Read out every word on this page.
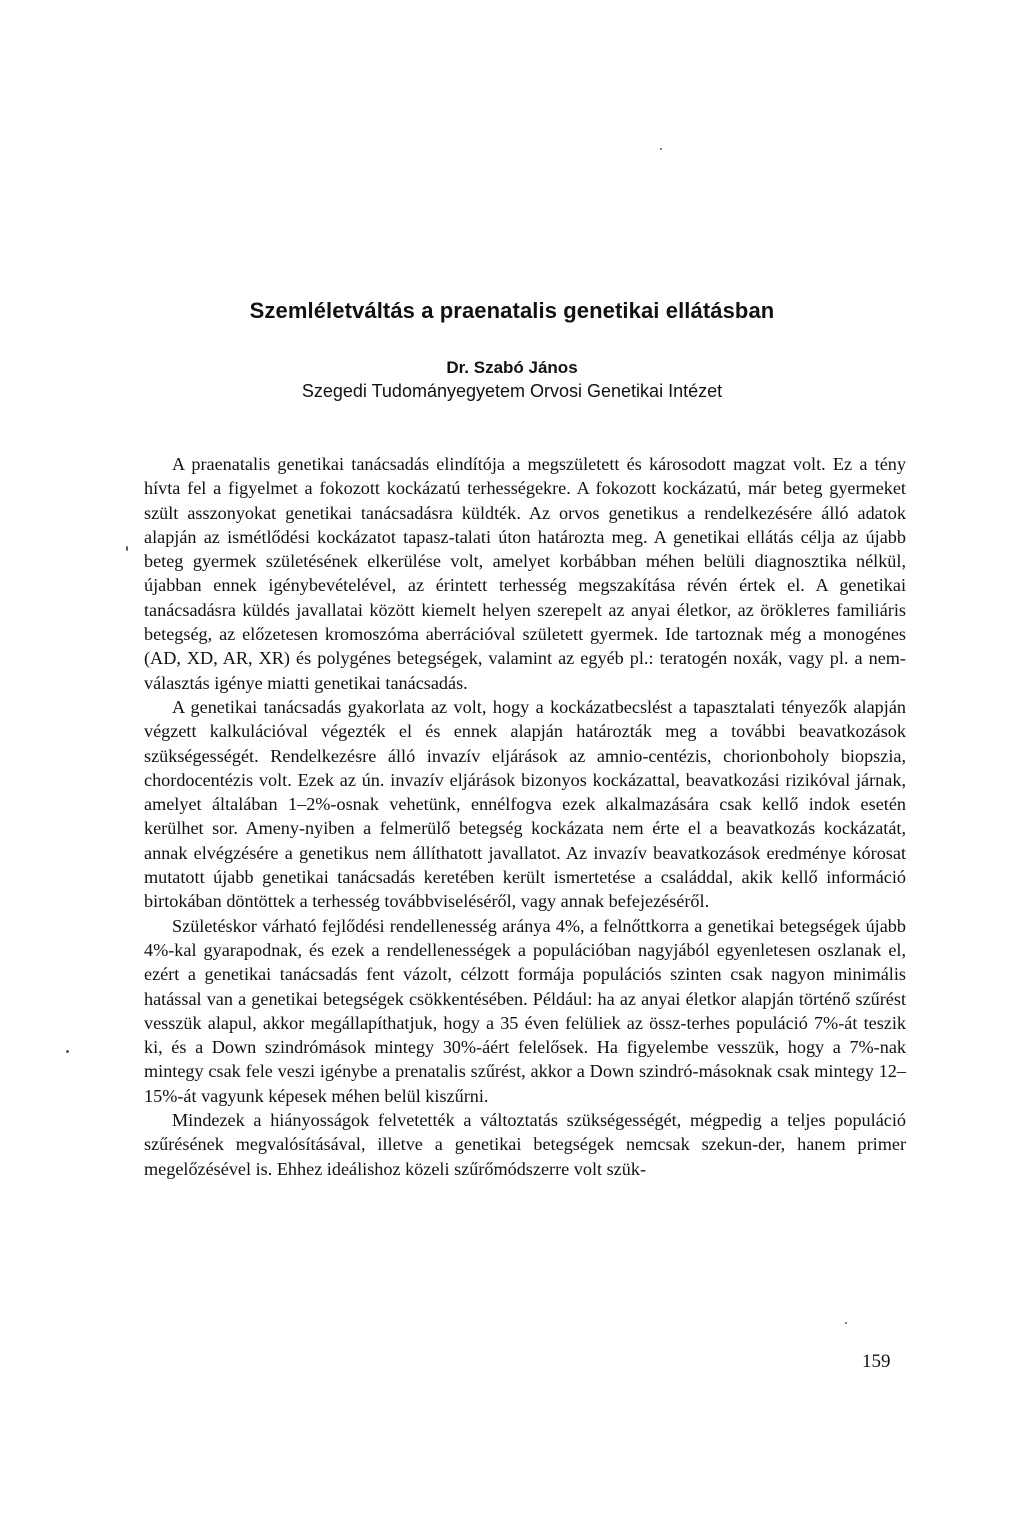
Szemléletváltás a praenatalis genetikai ellátásban
Dr. Szabó János
Szegedi Tudományegyetem Orvosi Genetikai Intézet

A praenatalis genetikai tanácsadás elindítója a megszületett és károsodott magzat volt. Ez a tény hívta fel a figyelmet a fokozott kockázatú terhességekre. A fokozott kockázatú, már beteg gyermeket szült asszonyokat genetikai tanácsadásra küldték. Az orvos genetikus a rendelkezésére álló adatok alapján az ismétlődési kockázatot tapasz-talati úton határozta meg. A genetikai ellátás célja az újabb beteg gyermek születésének elkerülése volt, amelyet korbábban méhen belüli diagnosztika nélkül, újabban ennek igénybevételével, az érintett terhesség megszakítása révén értek el. A genetikai tanácsadásra küldés javallatai között kiemelt helyen szerepelt az anyai életkor, az öröklетes familiáris betegség, az előzetesen kromoszóma aberrációval született gyermek. Ide tartoznak még a monogénes (AD, XD, AR, XR) és polygénes betegségek, valamint az egyéb pl.: teratogén noxák, vagy pl. a nem-választás igénye miatti genetikai tanácsadás.

A genetikai tanácsadás gyakorlata az volt, hogy a kockázatbecslést a tapasztalati tényezők alapján végzett kalkulációval végezték el és ennek alapján határozták meg a további beavatkozások szükségességét. Rendelkezésre álló invazív eljárások az amnio-centézis, chorionboholy biopszia, chordocentézis volt. Ezek az ún. invazív eljárások bizonyos kockázattal, beavatkozási rizikóval járnak, amelyet általában 1–2%-osnak vehetünk, ennélfogva ezek alkalmazására csak kellő indok esetén kerülhet sor. Ameny-nyiben a felmerülő betegség kockázata nem érte el a beavatkozás kockázatát, annak elvégzésére a genetikus nem állíthatott javallatot. Az invazív beavatkozások eredménye kórosat mutatott újabb genetikai tanácsadás keretében került ismertetése a családdal, akik kellő információ birtokában döntöttek a terhesség továbbviseléséről, vagy annak befejezéséről.

Születéskor várható fejlődési rendellenesség aránya 4%, a felnőttkorra a genetikai betegségek újabb 4%-kal gyarapodnak, és ezek a rendellenességek a populációban nagyjából egyenletesen oszlanak el, ezért a genetikai tanácsadás fent vázolt, célzott formája populációs szinten csak nagyon minimális hatással van a genetikai betegségek csökkentésében. Például: ha az anyai életkor alapján történő szűrést vesszük alapul, akkor megállapíthatjuk, hogy a 35 éven felüliek az össz-terhes populáció 7%-át teszik ki, és a Down szindrómások mintegy 30%-áért felelősek. Ha figyelembe vesszük, hogy a 7%-nak mintegy csak fele veszi igénybe a prenatalis szűrést, akkor a Down szindró-másoknak csak mintegy 12–15%-át vagyunk képesek méhen belül kiszűrni.

Mindezek a hiányosságok felvetették a változtatás szükségességét, mégpedig a teljes populáció szűrésének megvalósításával, illetve a genetikai betegségek nemcsak szekun-der, hanem primer megelőzésével is. Ehhez ideálishoz közeli szűrőmódszerre volt szük-

159
